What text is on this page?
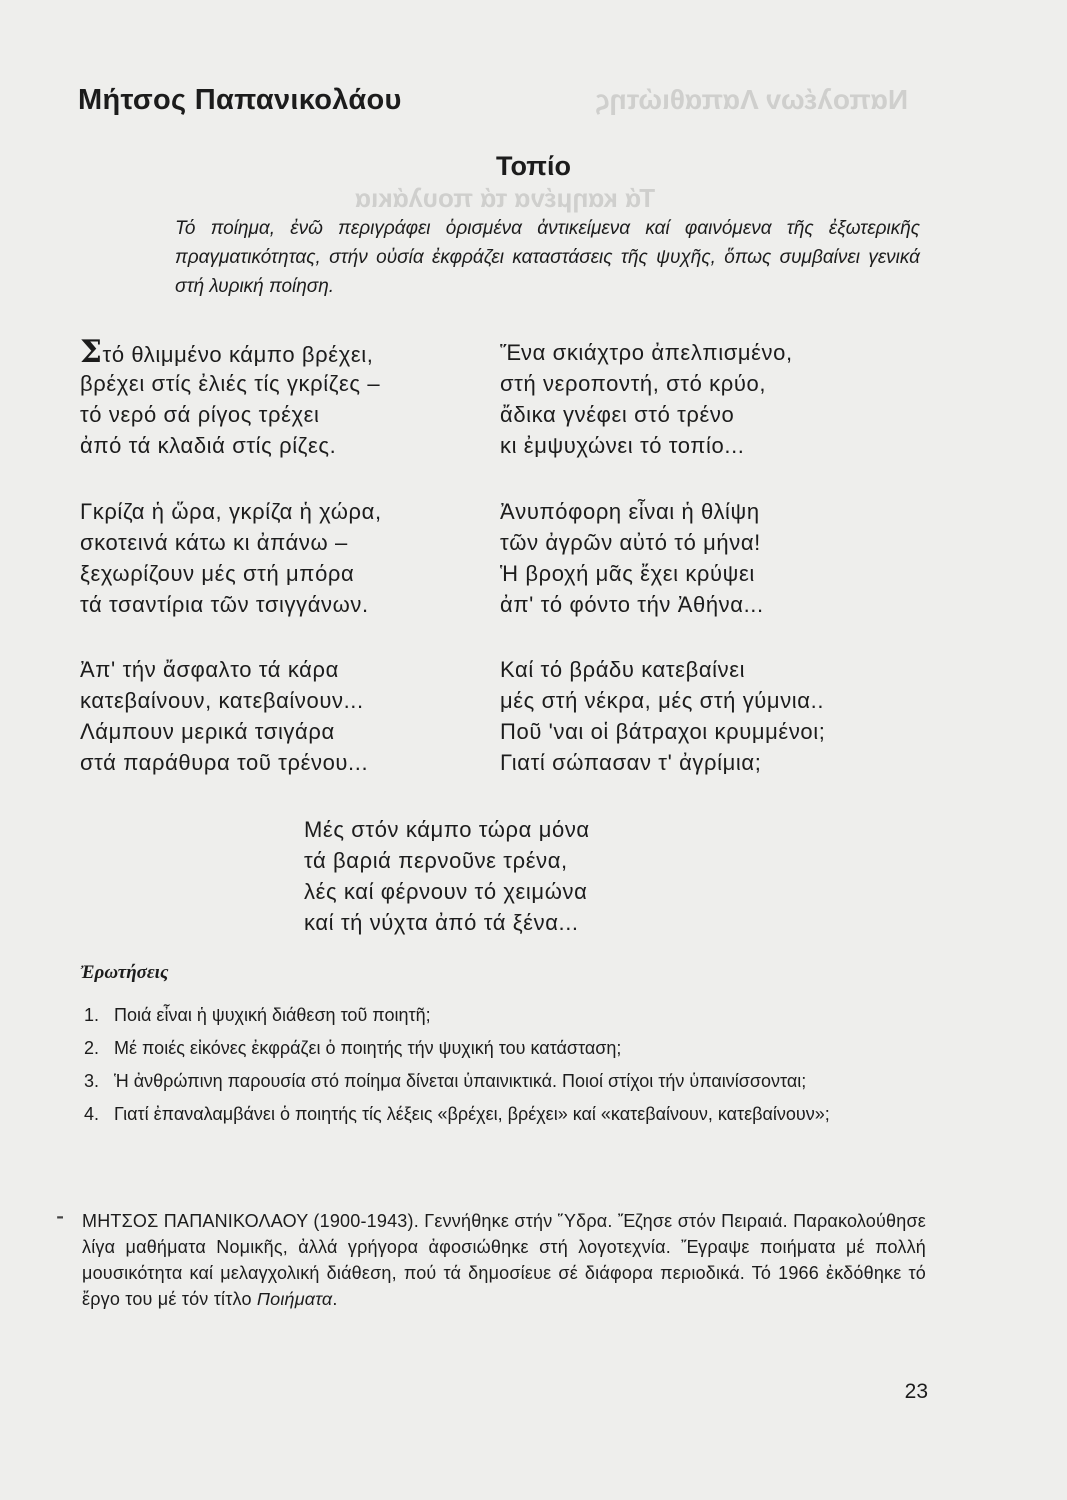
Ναπολέων Λαπαθιώτης
Τά καημένα τά πουλάκια
Μήτσος Παπανικολάου
Τοπίο
Τό ποίημα, ἐνῶ περιγράφει ὁρισμένα ἀντικείμενα καί φαινόμενα τῆς ἐξωτερικῆς πραγματικότητας, στήν οὐσία ἐκφράζει καταστάσεις τῆς ψυχῆς, ὅπως συμβαίνει γενικά στή λυρική ποίηση.
Στό θλιμμένο κάμπο βρέχει,
βρέχει στίς ἐλιές τίς γκρίζες –
τό νερό σά ρίγος τρέχει
ἀπό τά κλαδιά στίς ρίζες.
Ἕνα σκιάχτρο ἀπελπισμένο,
στή νεροποντή, στό κρύο,
ἄδικα γνέφει στό τρένο
κι ἐμψυχώνει τό τοπίο...
Γκρίζα ἡ ὥρα, γκρίζα ἡ χώρα,
σκοτεινά κάτω κι ἀπάνω –
ξεχωρίζουν μές στή μπόρα
τά τσαντίρια τῶν τσιγγάνων.
Ἀνυπόφορη εἶναι ἡ θλίψη
τῶν ἀγρῶν αὐτό τό μήνα!
Ἡ βροχή μᾶς ἔχει κρύψει
ἀπ' τό φόντο τήν Ἀθήνα...
Ἀπ' τήν ἄσφαλτο τά κάρα
κατεβαίνουν, κατεβαίνουν...
Λάμπουν μερικά τσιγάρα
στά παράθυρα τοῦ τρένου...
Καί τό βράδυ κατεβαίνει
μές στή νέκρα, μές στή γύμνια..
Ποῦ 'ναι οἱ βάτραχοι κρυμμένοι;
Γιατί σώπασαν τ' ἀγρίμια;
Μές στόν κάμπο τώρα μόνα
τά βαριά περνοῦνε τρένα,
λές καί φέρνουν τό χειμώνα
καί τή νύχτα ἀπό τά ξένα...
Ἐρωτήσεις
1. Ποιά εἶναι ἡ ψυχική διάθεση τοῦ ποιητῆ;
2. Μέ ποιές εἰκόνες ἐκφράζει ὁ ποιητής τήν ψυχική του κατάσταση;
3. Ἡ ἀνθρώπινη παρουσία στό ποίημα δίνεται ὑπαινικτικά. Ποιοί στίχοι τήν ὑπαινίσσονται;
4. Γιατί ἐπαναλαμβάνει ὁ ποιητής τίς λέξεις «βρέχει, βρέχει» καί «κατεβαίνουν, κατεβαίνουν»;
⁃ ΜΗΤΣΟΣ ΠΑΠΑΝΙΚΟΛΑΟΥ (1900-1943). Γεννήθηκε στήν Ὕδρα. Ἔζησε στόν Πειραιά. Παρακολούθησε λίγα μαθήματα Νομικῆς, ἀλλά γρήγορα ἀφοσιώθηκε στή λογοτεχνία. Ἔγραψε ποιήματα μέ πολλή μουσικότητα καί μελαγχολική διάθεση, πού τά δημοσίευε σέ διάφορα περιοδικά. Τό 1966 ἐκδόθηκε τό ἔργο του μέ τόν τίτλο Ποιήματα.
23
